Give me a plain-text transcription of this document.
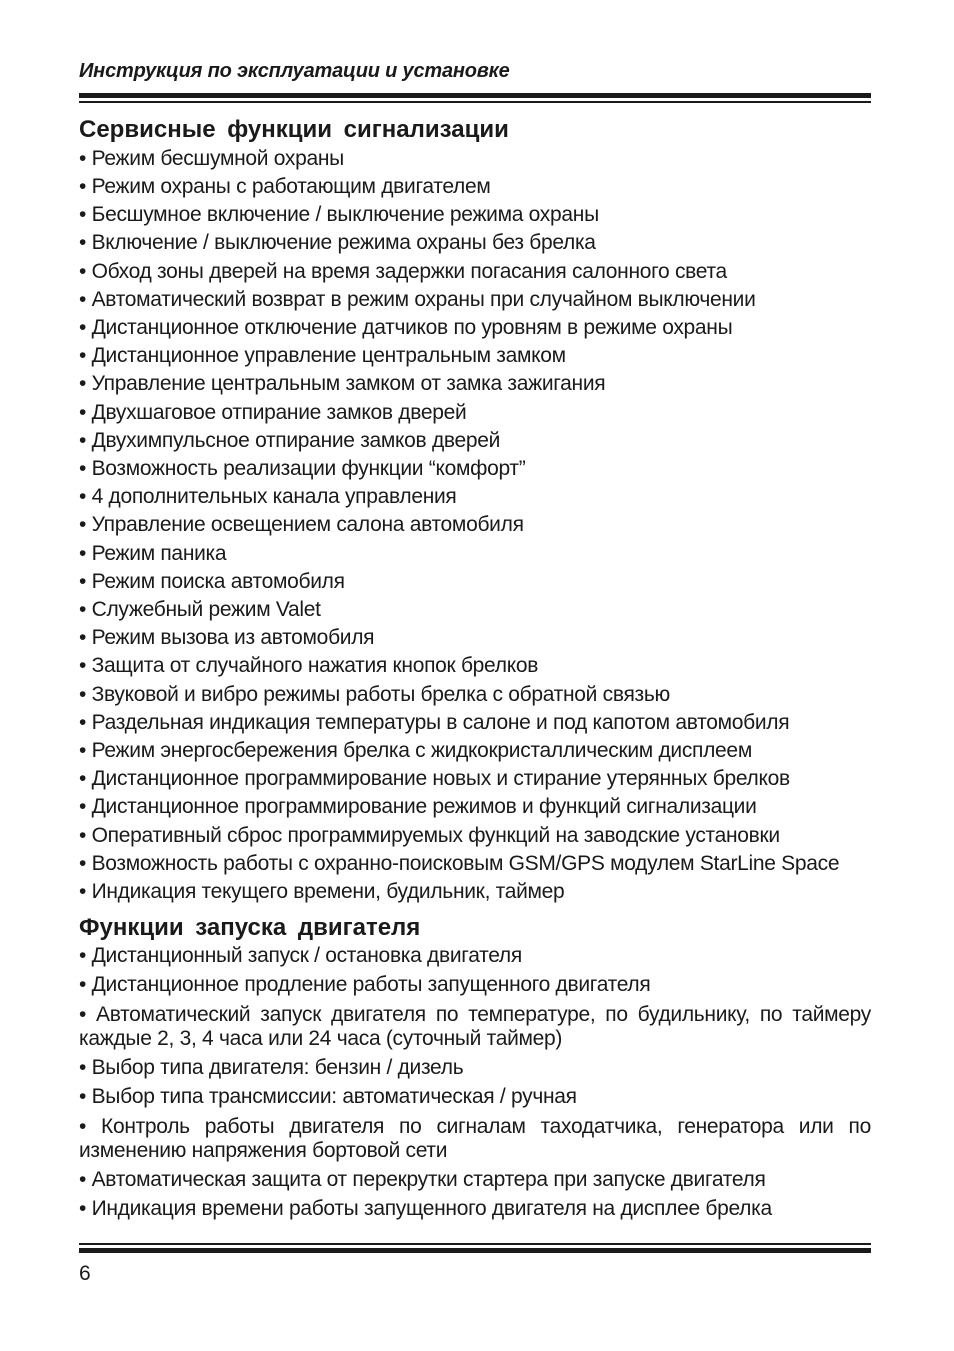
Инструкция по эксплуатации и установке
Сервисные функции сигнализации
• Режим бесшумной охраны
• Режим охраны с работающим двигателем
• Бесшумное включение / выключение режима охраны
• Включение / выключение режима охраны без брелка
• Обход зоны дверей на время задержки погасания салонного света
• Автоматический возврат в режим охраны при случайном выключении
• Дистанционное отключение датчиков по уровням в режиме охраны
• Дистанционное управление центральным замком
• Управление центральным замком от замка зажигания
• Двухшаговое отпирание замков дверей
• Двухимпульсное отпирание замков дверей
• Возможность реализации функции “комфорт”
• 4 дополнительных канала управления
• Управление освещением салона автомобиля
• Режим паника
• Режим поиска автомобиля
• Служебный режим Valet
• Режим вызова из автомобиля
• Защита от случайного нажатия кнопок брелков
• Звуковой и вибро режимы работы брелка с обратной связью
• Раздельная индикация температуры в салоне и под капотом автомобиля
• Режим энергосбережения брелка с жидкокристаллическим дисплеем
• Дистанционное программирование новых и стирание утерянных брелков
• Дистанционное программирование режимов и функций сигнализации
• Оперативный сброс программируемых функций на заводские установки
• Возможность работы с охранно-поисковым GSM/GPS модулем StarLine Space
• Индикация текущего времени, будильник, таймер
Функции запуска двигателя
• Дистанционный запуск / остановка двигателя
• Дистанционное продление работы запущенного двигателя
• Автоматический запуск двигателя по температуре, по будильнику, по таймеру каждые 2, 3, 4 часа или 24 часа (суточный таймер)
• Выбор типа двигателя: бензин / дизель
• Выбор типа трансмиссии: автоматическая / ручная
• Контроль работы двигателя по сигналам таходатчика, генератора или по изменению напряжения бортовой сети
• Автоматическая защита от перекрутки стартера при запуске двигателя
• Индикация времени работы запущенного двигателя на дисплее брелка
6
